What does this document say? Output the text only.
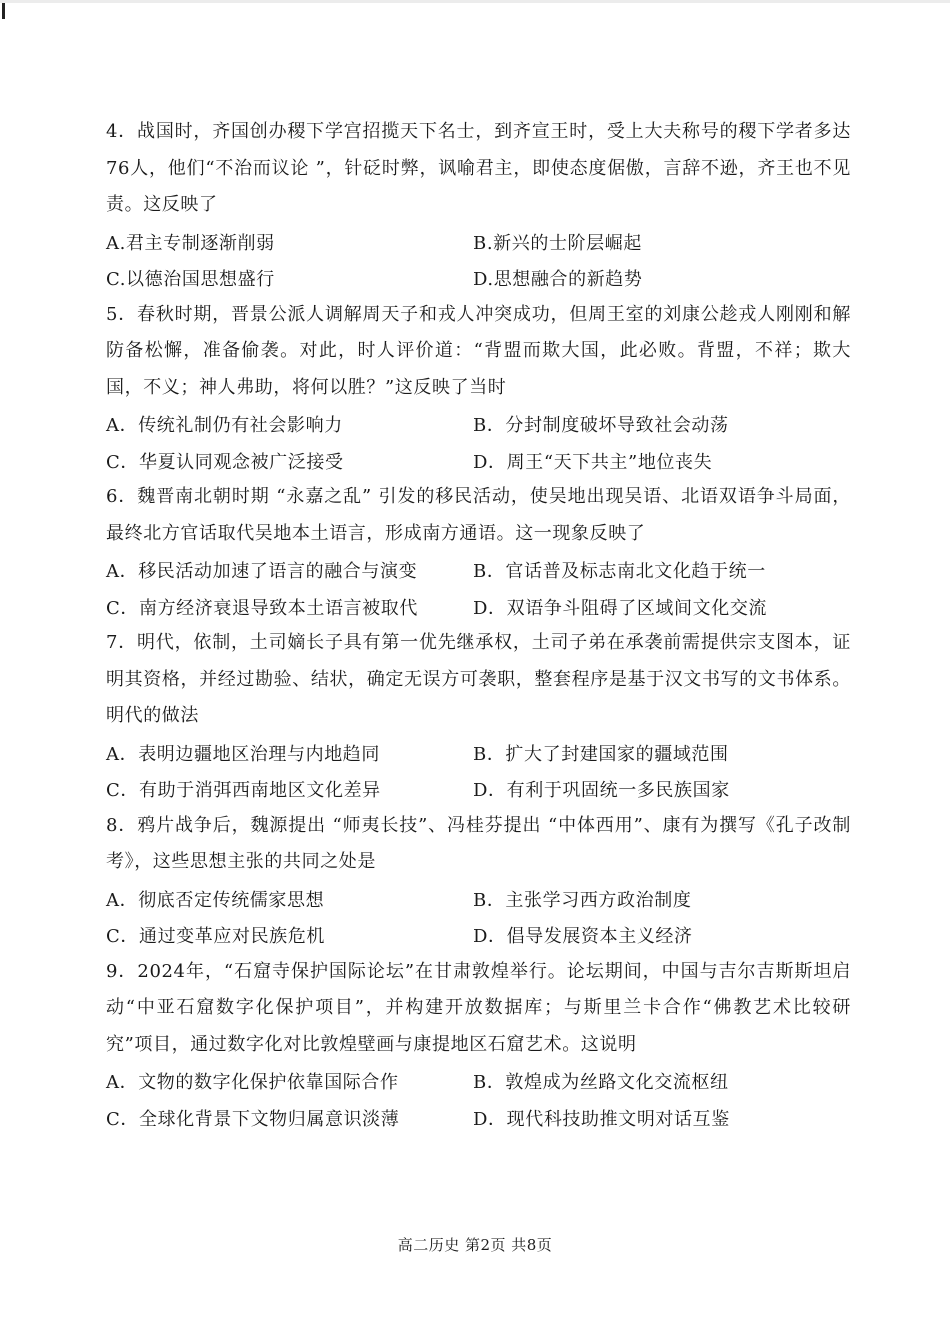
4．战国时，齐国创办稷下学宫招揽天下名士，到齐宣王时，受上大夫称号的稷下学者多达76人，他们“不治而议论 ”，针砭时弊，讽喻君主，即使态度倨傲，言辞不逊，齐王也不见责。这反映了

A.君主专制逐渐削弱	B.新兴的士阶层崛起
C.以德治国思想盛行	D.思想融合的新趋势

5．春秋时期，晋景公派人调解周天子和戎人冲突成功，但周王室的刘康公趁戎人刚刚和解防备松懈，准备偷袭。对此，时人评价道：“背盟而欺大国，此必败。背盟，不祥；欺大国，不义；神人弗助，将何以胜？”这反映了当时

A．传统礼制仍有社会影响力	B．分封制度破坏导致社会动荡
C．华夏认同观念被广泛接受	D．周王“天下共主”地位丧失

6．魏晋南北朝时期 “永嘉之乱” 引发的移民活动，使吴地出现吴语、北语双语争斗局面，最终北方官话取代吴地本土语言，形成南方通语。这一现象反映了

A．移民活动加速了语言的融合与演变	B．官话普及标志南北文化趋于统一
C．南方经济衰退导致本土语言被取代	D．双语争斗阻碍了区域间文化交流

7．明代，依制，土司嫡长子具有第一优先继承权，土司子弟在承袭前需提供宗支图本，证明其资格，并经过勘验、结状，确定无误方可袭职，整套程序是基于汉文书写的文书体系。明代的做法

A．表明边疆地区治理与内地趋同	B．扩大了封建国家的疆域范围
C．有助于消弭西南地区文化差异	D．有利于巩固统一多民族国家

8．鸦片战争后，魏源提出 “师夷长技”、冯桂芬提出 “中体西用”、康有为撰写《孔子改制考》，这些思想主张的共同之处是

A．彻底否定传统儒家思想	B．主张学习西方政治制度
C．通过变革应对民族危机	D．倡导发展资本主义经济

9．2024年，“石窟寺保护国际论坛”在甘肃敦煌举行。论坛期间，中国与吉尔吉斯斯坦启动“中亚石窟数字化保护项目”，并构建开放数据库；与斯里兰卡合作“佛教艺术比较研究”项目，通过数字化对比敦煌壁画与康提地区石窟艺术。这说明

A．文物的数字化保护依靠国际合作	B．敦煌成为丝路文化交流枢纽
C．全球化背景下文物归属意识淡薄	D．现代科技助推文明对话互鉴
高二历史 第2页 共8页
